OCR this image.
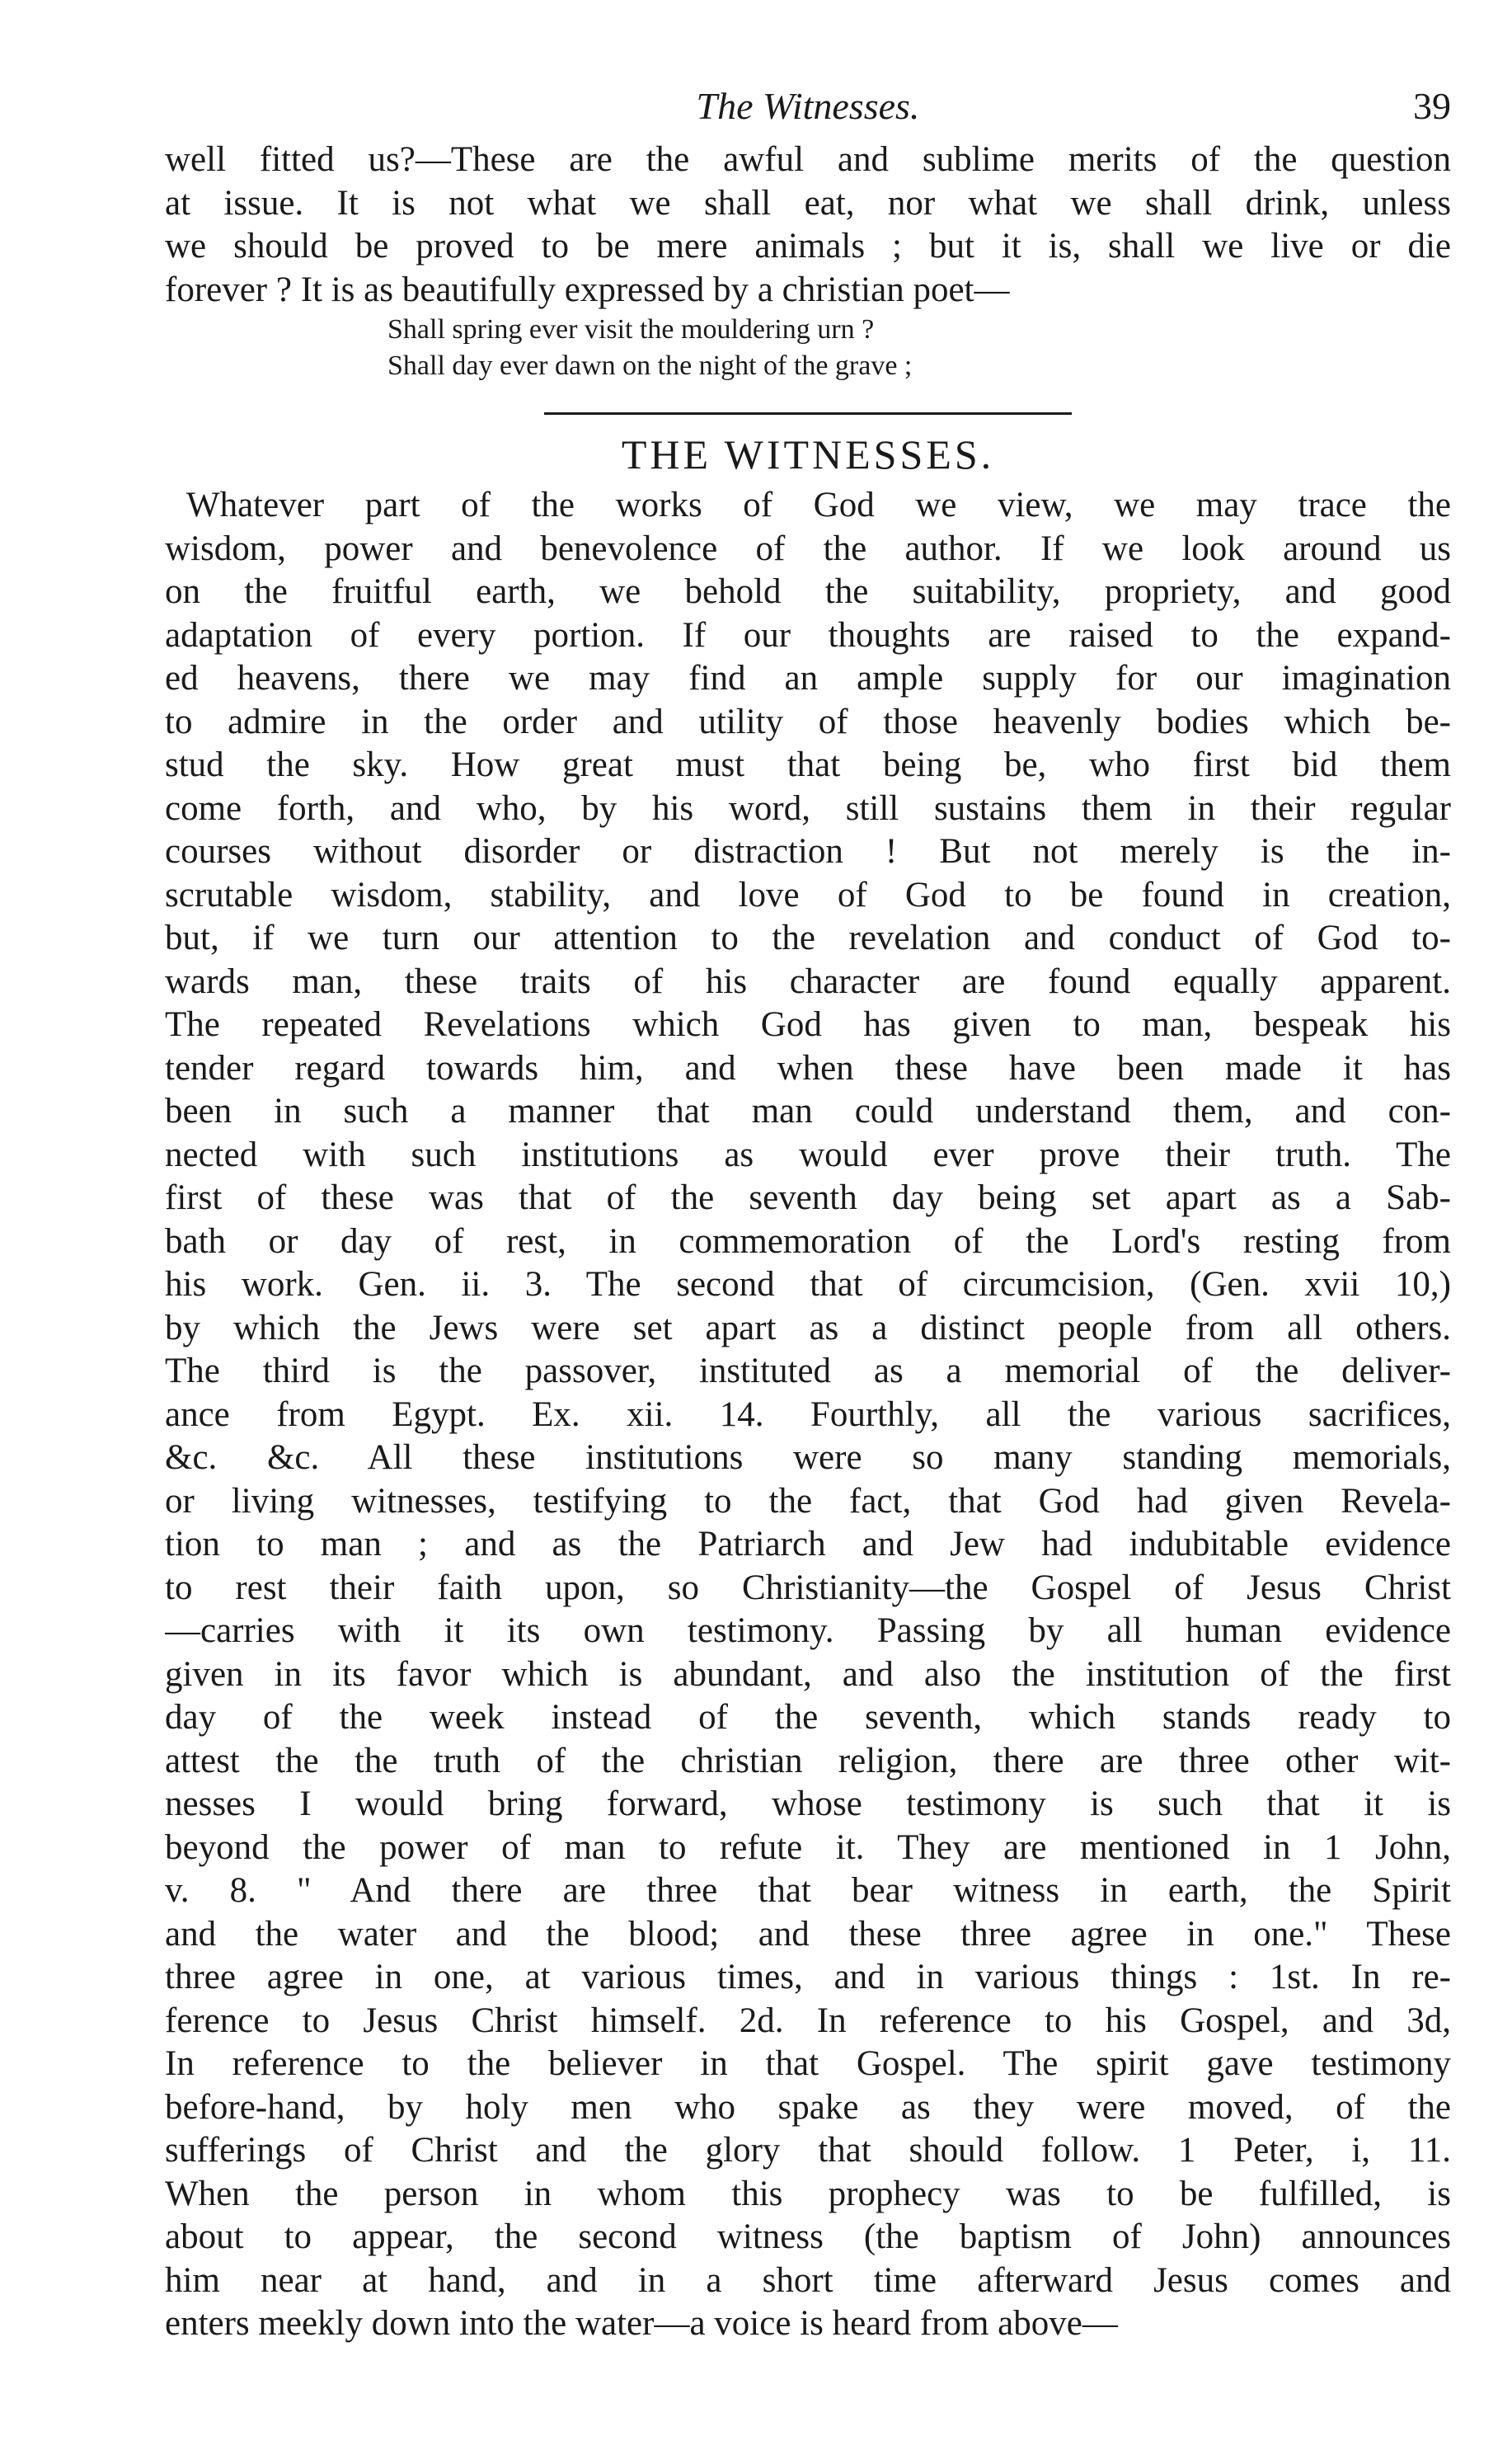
The Witnesses.	39
well fitted us?—These are the awful and sublime merits of the question
at issue. It is not what we shall eat, nor what we shall drink, unless
we should be proved to be mere animals ; but it is, shall we live or die
forever ? It is as beautifully expressed by a christian poet—
Shall spring ever visit the mouldering urn ?
Shall day ever dawn on the night of the grave ;
THE WITNESSES.
Whatever part of the works of God we view, we may trace the
wisdom, power and benevolence of the author. If we look around us
on the fruitful earth, we behold the suitability, propriety, and good
adaptation of every portion. If our thoughts are raised to the expand-
ed heavens, there we may find an ample supply for our imagination
to admire in the order and utility of those heavenly bodies which be-
stud the sky. How great must that being be, who first bid them
come forth, and who, by his word, still sustains them in their regular
courses without disorder or distraction ! But not merely is the in-
scrutable wisdom, stability, and love of God to be found in creation,
but, if we turn our attention to the revelation and conduct of God to-
wards man, these traits of his character are found equally apparent.
The repeated Revelations which God has given to man, bespeak his
tender regard towards him, and when these have been made it has
been in such a manner that man could understand them, and con-
nected with such institutions as would ever prove their truth. The
first of these was that of the seventh day being set apart as a Sab-
bath or day of rest, in commemoration of the Lord's resting from
his work. Gen. ii. 3. The second that of circumcision, (Gen. xvii 10,)
by which the Jews were set apart as a distinct people from all others.
The third is the passover, instituted as a memorial of the deliver-
ance from Egypt. Ex. xii. 14. Fourthly, all the various sacrifices,
&c. &c. All these institutions were so many standing memorials,
or living witnesses, testifying to the fact, that God had given Revela-
tion to man ; and as the Patriarch and Jew had indubitable evidence
to rest their faith upon, so Christianity—the Gospel of Jesus Christ
—carries with it its own testimony. Passing by all human evidence
given in its favor which is abundant, and also the institution of the first
day of the week instead of the seventh, which stands ready to
attest the the truth of the christian religion, there are three other wit-
nesses I would bring forward, whose testimony is such that it is
beyond the power of man to refute it. They are mentioned in 1 John,
v. 8. " And there are three that bear witness in earth, the Spirit
and the water and the blood; and these three agree in one." These
three agree in one, at various times, and in various things : 1st. In re-
ference to Jesus Christ himself. 2d. In reference to his Gospel, and 3d,
In reference to the believer in that Gospel. The spirit gave testimony
before-hand, by holy men who spake as they were moved, of the
sufferings of Christ and the glory that should follow. 1 Peter, i, 11.
When the person in whom this prophecy was to be fulfilled, is
about to appear, the second witness (the baptism of John) announces
him near at hand, and in a short time afterward Jesus comes and
enters meekly down into the water—a voice is heard from above—
